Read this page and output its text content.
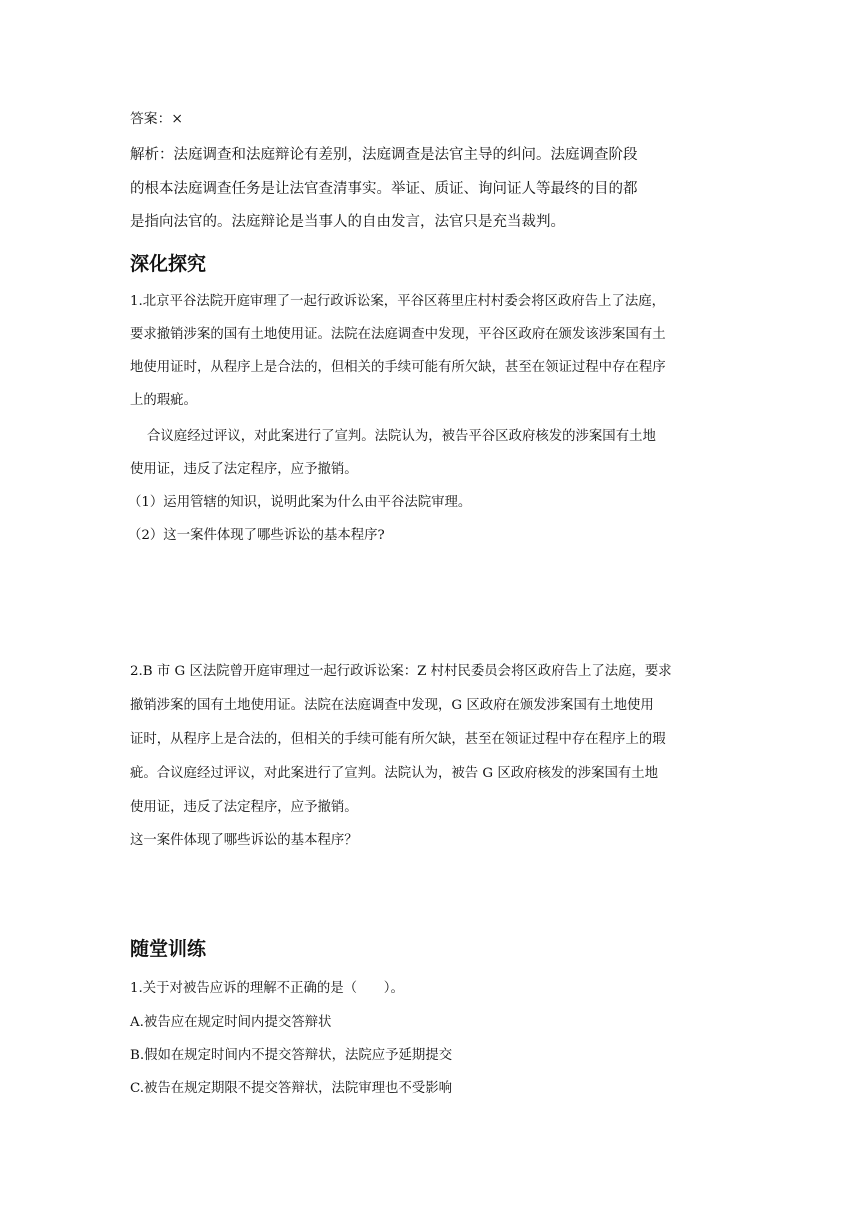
答案：×
解析：法庭调查和法庭辩论有差别，法庭调查是法官主导的纠问。法庭调查阶段
的根本法庭调查任务是让法官查清事实。举证、质证、询问证人等最终的目的都
是指向法官的。法庭辩论是当事人的自由发言，法官只是充当裁判。
深化探究
1.北京平谷法院开庭审理了一起行政诉讼案，平谷区蒋里庄村村委会将区政府告上了法庭，
要求撤销涉案的国有土地使用证。法院在法庭调查中发现，平谷区政府在颁发该涉案国有土
地使用证时，从程序上是合法的，但相关的手续可能有所欠缺，甚至在领证过程中存在程序
上的瑕疵。
合议庭经过评议，对此案进行了宣判。法院认为，被告平谷区政府核发的涉案国有土地
使用证，违反了法定程序，应予撤销。
（1）运用管辖的知识，说明此案为什么由平谷法院审理。
（2）这一案件体现了哪些诉讼的基本程序?
2.B 市 G 区法院曾开庭审理过一起行政诉讼案：Z 村村民委员会将区政府告上了法庭，要求
撤销涉案的国有土地使用证。法院在法庭调查中发现，G 区政府在颁发涉案国有土地使用
证时，从程序上是合法的，但相关的手续可能有所欠缺，甚至在领证过程中存在程序上的瑕
疵。合议庭经过评议，对此案进行了宣判。法院认为，被告 G 区政府核发的涉案国有土地
使用证，违反了法定程序，应予撤销。
这一案件体现了哪些诉讼的基本程序？
随堂训练
1.关于对被告应诉的理解不正确的是（　　）。
A.被告应在规定时间内提交答辩状
B.假如在规定时间内不提交答辩状，法院应予延期提交
C.被告在规定期限不提交答辩状，法院审理也不受影响
